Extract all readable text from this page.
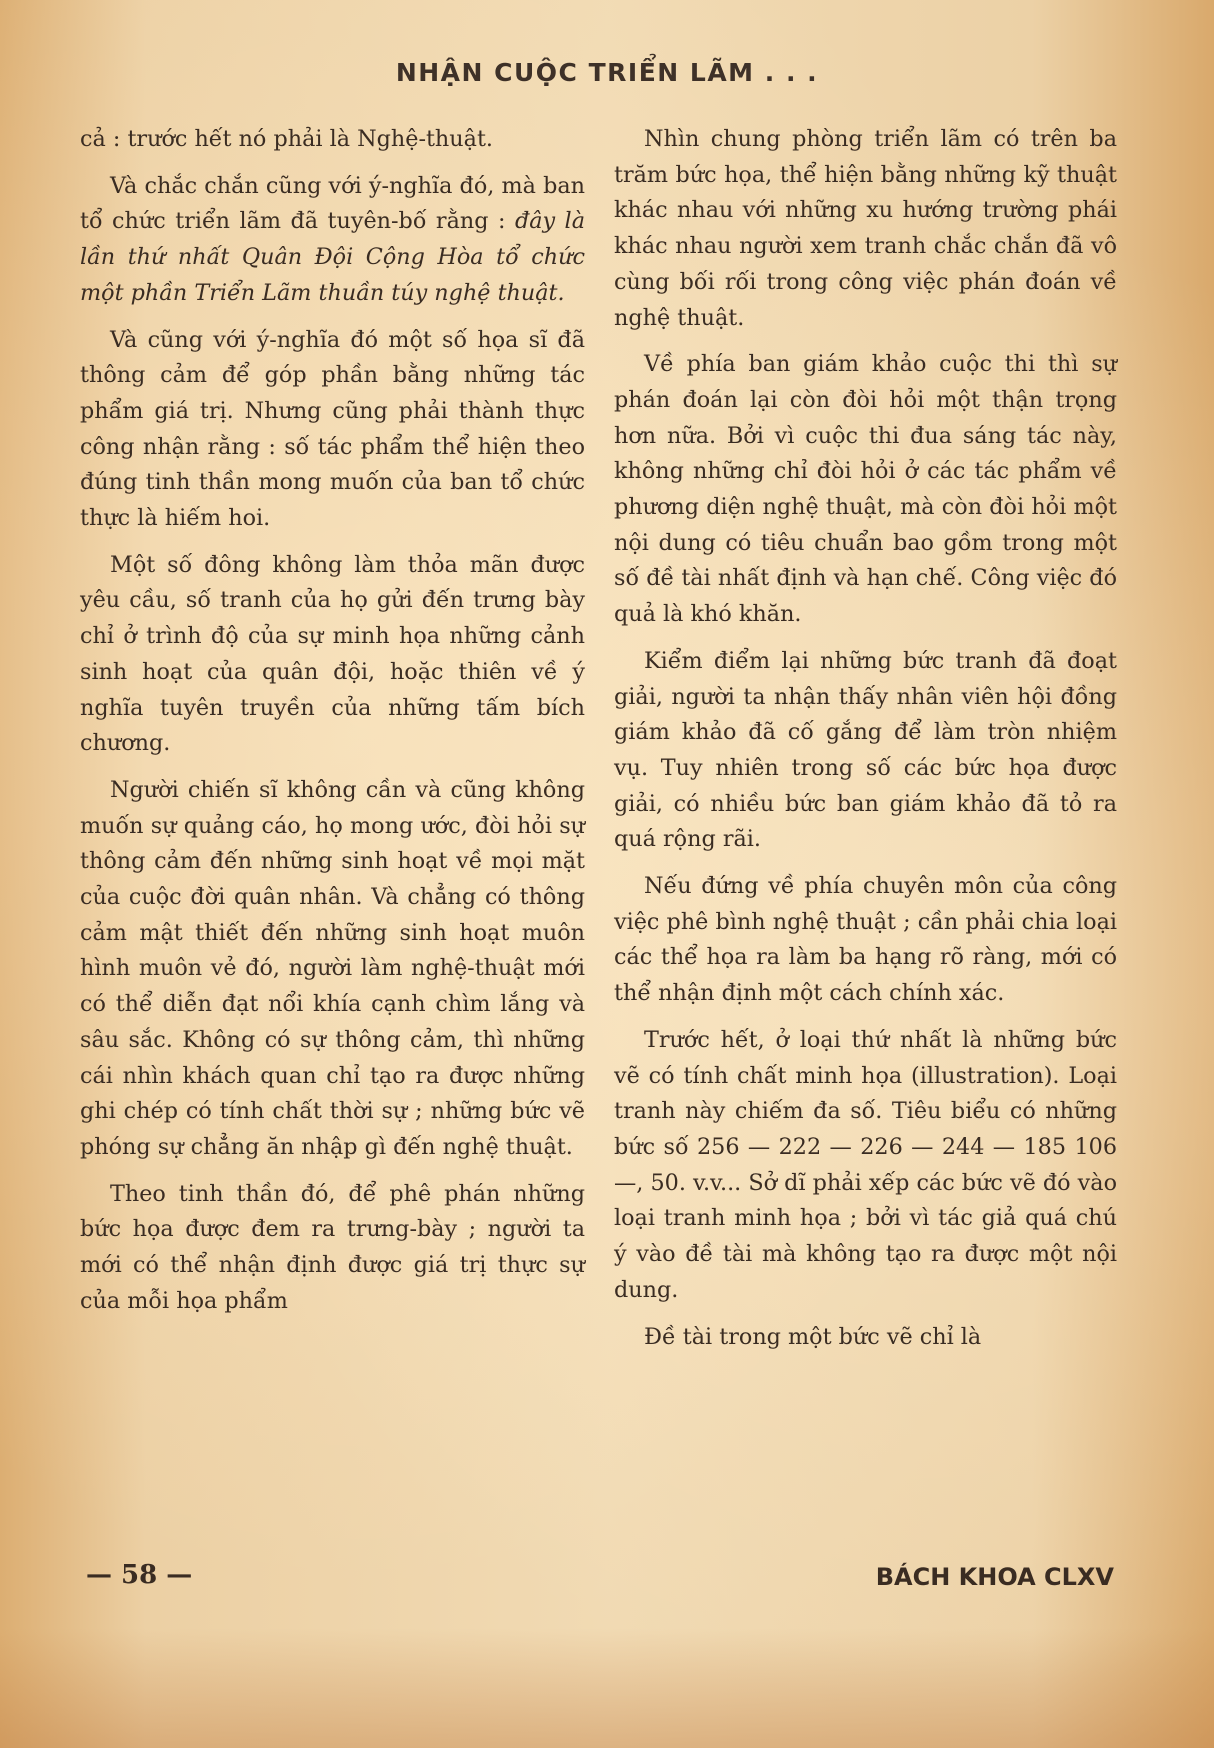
NHẬN CUỘC TRIỂN LÃM . . .

cả : trước hết nó phải là Nghệ-thuật.

Và chắc chắn cũng với ý-nghĩa đó, mà ban tổ chức triển lãm đã tuyên-bố rằng : đây là lần thứ nhất Quân Đội Cộng Hòa tổ chức một phần Triển Lãm thuần túy nghệ thuật.

Và cũng với ý-nghĩa đó một số họa sĩ đã thông cảm để góp phần bằng những tác phẩm giá trị. Nhưng cũng phải thành thực công nhận rằng : số tác phẩm thể hiện theo đúng tinh thần mong muốn của ban tổ chức thực là hiếm hoi.

Một số đông không làm thỏa mãn được yêu cầu, số tranh của họ gửi đến trưng bày chỉ ở trình độ của sự minh họa những cảnh sinh hoạt của quân đội, hoặc thiên về ý nghĩa tuyên truyền của những tấm bích chương.

Người chiến sĩ không cần và cũng không muốn sự quảng cáo, họ mong ước, đòi hỏi sự thông cảm đến những sinh hoạt về mọi mặt của cuộc đời quân nhân. Và chẳng có thông cảm mật thiết đến những sinh hoạt muôn hình muôn vẻ đó, người làm nghệ-thuật mới có thể diễn đạt nổi khía cạnh chìm lắng và sâu sắc. Không có sự thông cảm, thì những cái nhìn khách quan chỉ tạo ra được những ghi chép có tính chất thời sự ; những bức vẽ phóng sự chẳng ăn nhập gì đến nghệ thuật.

Theo tinh thần đó, để phê phán những bức họa được đem ra trưng-bày ; người ta mới có thể nhận định được giá trị thực sự của mỗi họa phẩm

Nhìn chung phòng triển lãm có trên ba trăm bức họa, thể hiện bằng những kỹ thuật khác nhau với những xu hướng trường phái khác nhau người xem tranh chắc chắn đã vô cùng bối rối trong công việc phán đoán về nghệ thuật.

Về phía ban giám khảo cuộc thi thì sự phán đoán lại còn đòi hỏi một thận trọng hơn nữa. Bởi vì cuộc thi đua sáng tác này, không những chỉ đòi hỏi ở các tác phẩm về phương diện nghệ thuật, mà còn đòi hỏi một nội dung có tiêu chuẩn bao gồm trong một số đề tài nhất định và hạn chế. Công việc đó quả là khó khăn.

Kiểm điểm lại những bức tranh đã đoạt giải, người ta nhận thấy nhân viên hội đồng giám khảo đã cố gắng để làm tròn nhiệm vụ. Tuy nhiên trong số các bức họa được giải, có nhiều bức ban giám khảo đã tỏ ra quá rộng rãi.

Nếu đứng về phía chuyên môn của công việc phê bình nghệ thuật ; cần phải chia loại các thể họa ra làm ba hạng rõ ràng, mới có thể nhận định một cách chính xác.

Trước hết, ở loại thứ nhất là những bức vẽ có tính chất minh họa (illustration). Loại tranh này chiếm đa số. Tiêu biểu có những bức số 256 — 222 — 226 — 244 — 185 106 —, 50. v.v... Sở dĩ phải xếp các bức vẽ đó vào loại tranh minh họa ; bởi vì tác giả quá chú ý vào đề tài mà không tạo ra được một nội dung.

Đề tài trong một bức vẽ chỉ là

— 58 —	BÁCH KHOA CLXV
